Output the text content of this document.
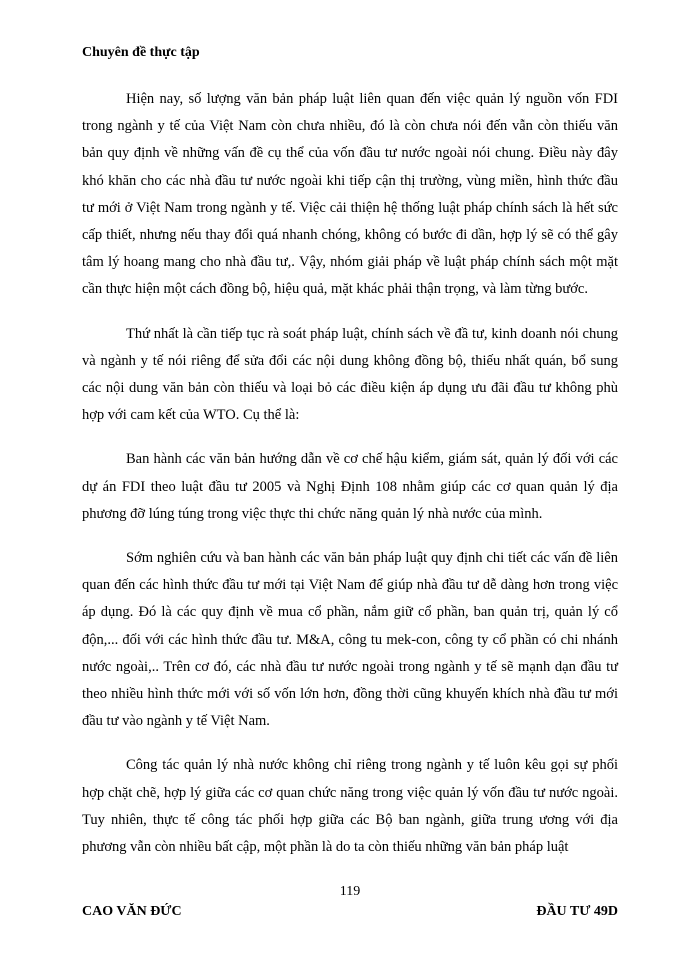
Chuyên đề thực tập

Hiện nay, số lượng văn bản pháp luật liên quan đến việc quản lý nguồn vốn FDI trong ngành y tế của Việt Nam còn chưa nhiều, đó là còn chưa nói đến vẫn còn thiếu văn bản quy định về những vấn đề cụ thể của vốn đầu tư nước ngoài nói chung. Điều này đây khó khăn cho các nhà đầu tư nước ngoài khi tiếp cận thị trường, vùng miền, hình thức đầu tư mới ở Việt Nam trong ngành y tế. Việc cải thiện hệ thống luật pháp chính sách là hết sức cấp thiết, nhưng nếu thay đổi quá nhanh chóng, không có bước đi dần, hợp lý sẽ có thể gây tâm lý hoang mang cho nhà đầu tư,. Vậy, nhóm giải pháp về luật pháp chính sách một mặt cần thực hiện một cách đồng bộ, hiệu quả, mặt khác phải thận trọng, và làm từng bước.

Thứ nhất là cần tiếp tục rà soát pháp luật, chính sách về đầ tư, kinh doanh nói chung và ngành y tế nói riêng để sửa đổi các nội dung không đồng bộ, thiếu nhất quán, bổ sung các nội dung văn bản còn thiếu và loại bỏ các điều kiện áp dụng ưu đãi đầu tư không phù hợp với cam kết của WTO. Cụ thể là:

Ban hành các văn bản hướng dẫn về cơ chế hậu kiểm, giám sát, quản lý đối với các dự án FDI theo luật đầu tư 2005 và Nghị Định 108 nhằm giúp các cơ quan quản lý địa phương đỡ lúng túng trong việc thực thi chức năng quản lý nhà nước của mình.

Sớm nghiên cứu và ban hành các văn bản pháp luật quy định chi tiết các vấn đề liên quan đến các hình thức đầu tư mới tại Việt Nam để giúp nhà đầu tư dễ dàng hơn trong việc áp dụng. Đó là các quy định về mua cổ phần, nắm giữ cổ phần, ban quản trị, quản lý cổ độn,... đối với các hình thức đầu tư. M&A, công tu mek-con, công ty cổ phần có chi nhánh nước ngoài,.. Trên cơ đó, các nhà đầu tư nước ngoài trong ngành y tế sẽ mạnh dạn đầu tư theo nhiều hình thức mới với số vốn lớn hơn, đồng thời cũng khuyến khích nhà đầu tư mới đầu tư vào ngành y tế Việt Nam.

Công tác quản lý nhà nước không chỉ riêng trong ngành y tế luôn kêu gọi sự phối hợp chặt chẽ, hợp lý giữa các cơ quan chức năng trong việc quản lý vốn đầu tư nước ngoài. Tuy nhiên, thực tế công tác phối hợp giữa các Bộ ban ngành, giữa trung ương với địa phương vẫn còn nhiều bất cập, một phần là do ta còn thiếu những văn bản pháp luật

119
CAO VĂN ĐỨC	ĐẦU TƯ 49D
